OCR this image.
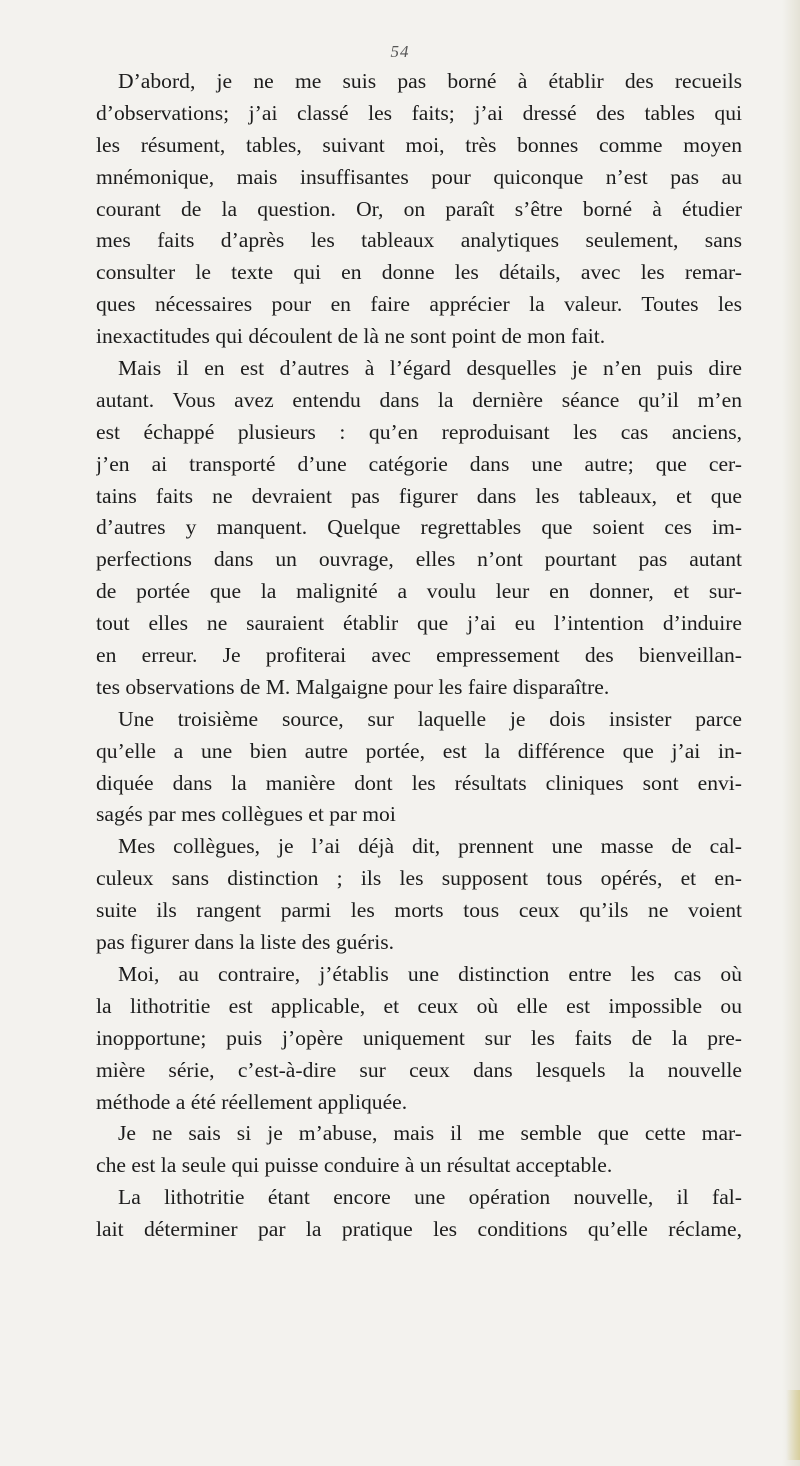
54
D’abord, je ne me suis pas borné à établir des recueils
d’observations; j’ai classé les faits; j’ai dressé des tables qui
les résument, tables, suivant moi, très bonnes comme moyen
mnémonique, mais insuffisantes pour quiconque n’est pas au
courant de la question. Or, on paraît s’être borné à étudier
mes faits d’après les tableaux analytiques seulement, sans
consulter le texte qui en donne les détails, avec les remar-
ques nécessaires pour en faire apprécier la valeur. Toutes les
inexactitudes qui découlent de là ne sont point de mon fait.
Mais il en est d’autres à l’égard desquelles je n’en puis dire
autant. Vous avez entendu dans la dernière séance qu’il m’en
est échappé plusieurs : qu’en reproduisant les cas anciens,
j’en ai transporté d’une catégorie dans une autre; que cer-
tains faits ne devraient pas figurer dans les tableaux, et que
d’autres y manquent. Quelque regrettables que soient ces im-
perfections dans un ouvrage, elles n’ont pourtant pas autant
de portée que la malignité a voulu leur en donner, et sur-
tout elles ne sauraient établir que j’ai eu l’intention d’induire
en erreur. Je profiterai avec empressement des bienveillan-
tes observations de M. Malgaigne pour les faire disparaître.
Une troisième source, sur laquelle je dois insister parce
qu’elle a une bien autre portée, est la différence que j’ai in-
diquée dans la manière dont les résultats cliniques sont envi-
sagés par mes collègues et par moi
Mes collègues, je l’ai déjà dit, prennent une masse de cal-
culeux sans distinction ; ils les supposent tous opérés, et en-
suite ils rangent parmi les morts tous ceux qu’ils ne voient
pas figurer dans la liste des guéris.
Moi, au contraire, j’établis une distinction entre les cas où
la lithotritie est applicable, et ceux où elle est impossible ou
inopportune; puis j’opère uniquement sur les faits de la pre-
mière série, c’est-à-dire sur ceux dans lesquels la nouvelle
méthode a été réellement appliquée.
Je ne sais si je m’abuse, mais il me semble que cette mar-
che est la seule qui puisse conduire à un résultat acceptable.
La lithotritie étant encore une opération nouvelle, il fal-
lait déterminer par la pratique les conditions qu’elle réclame,
